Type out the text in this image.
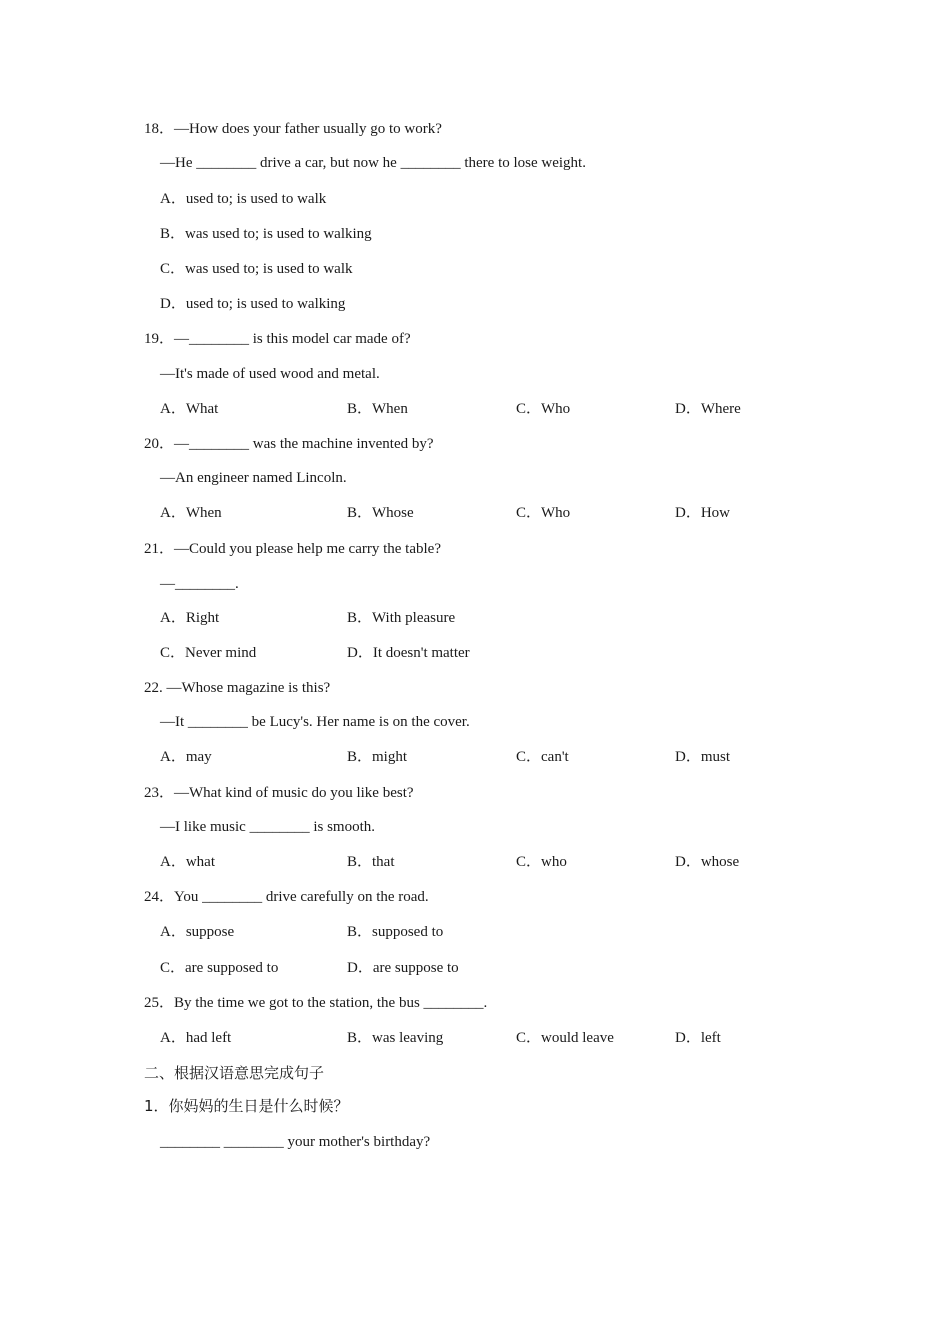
18．—How does your father usually go to work?
—He ________ drive a car, but now he ________ there to lose weight.
A．used to; is used to walk
B．was used to; is used to walking
C．was used to; is used to walk
D．used to; is used to walking
19．—________ is this model car made of?
—It's made of used wood and metal.
A．What	B．When	C．Who	D．Where
20．—________ was the machine invented by?
—An engineer named Lincoln.
A．When	B．Whose	C．Who	D．How
21．—Could you please help me carry the table?
—________.
A．Right	B．With pleasure
C．Never mind	D．It doesn't matter
22. —Whose magazine is this?
—It ________ be Lucy's. Her name is on the cover.
A．may	B．might	C．can't	D．must
23．—What kind of music do you like best?
—I like music ________ is smooth.
A．what	B．that	C．who	D．whose
24．You ________ drive carefully on the road.
A．suppose	B．supposed to
C．are supposed to	D．are suppose to
25．By the time we got to the station, the bus ________.
A．had left	B．was leaving	C．would leave	D．left
二、根据汉语意思完成句子
1．你妈妈的生日是什么时候？
________ ________ your mother's birthday?
